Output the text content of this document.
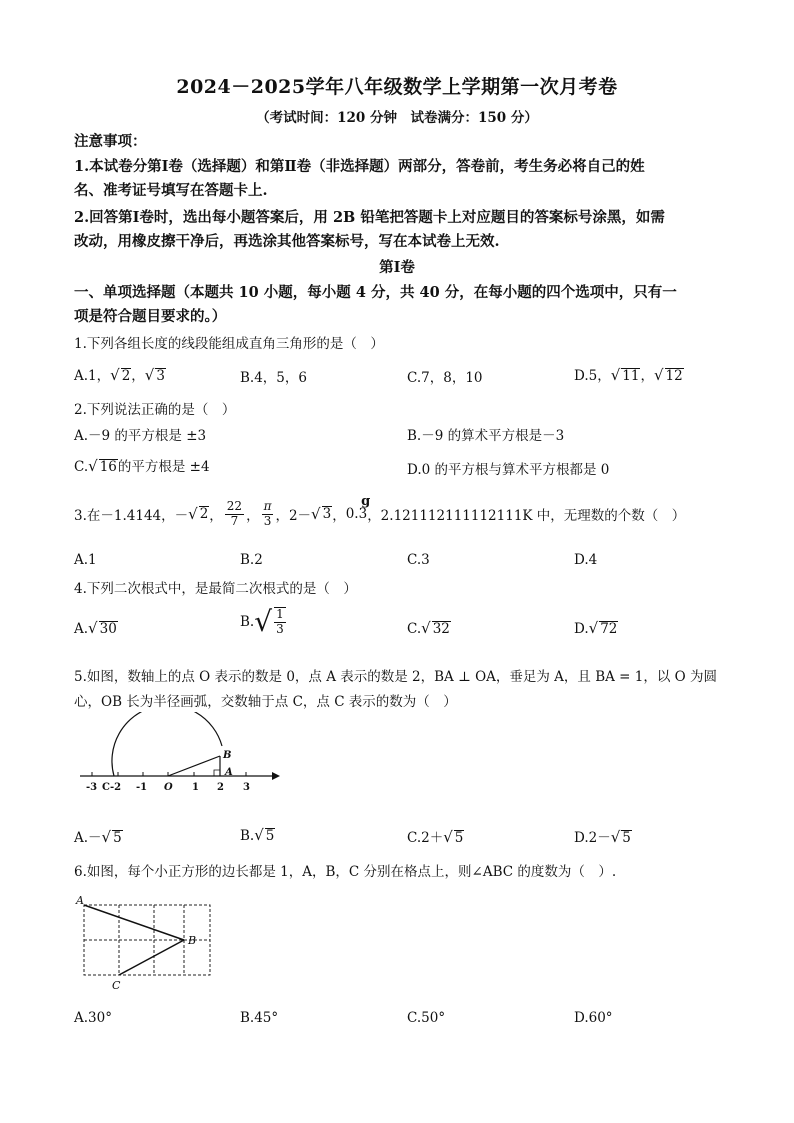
2024－2025学年八年级数学上学期第一次月考卷
（考试时间：120 分钟　试卷满分：150 分）
注意事项：
1.本试卷分第Ⅰ卷（选择题）和第Ⅱ卷（非选择题）两部分，答卷前，考生务必将自己的姓
名、准考证号填写在答题卡上.
2.回答第Ⅰ卷时，选出每小题答案后，用 2B 铅笔把答题卡上对应题目的答案标号涂黑，如需
改动，用橡皮擦干净后，再选涂其他答案标号，写在本试卷上无效.
第Ⅰ卷
一、单项选择题（本题共 10 小题，每小题 4 分，共 40 分，在每小题的四个选项中，只有一
项是符合题目要求的。）
1.下列各组长度的线段能组成直角三角形的是（　）
A.1，√ 2，√ 3	B.4，5，6	C.7，8，10	D.5，√ 11，√ 12
2.下列说法正确的是（　）
A.－9 的平方根是 ±3	B.－9 的算术平方根是－3
C.√ 16的平方根是 ±4	D.0 的平方根与算术平方根都是 0
3.在－1.4144，－ √ 2 ， $\frac{22}{7}$ ， $\frac{\pi}{3}$ ， 2－ √ 3 ， 0.3
g
，2.121112111112111K 中，无理数的个数（　）
A.1	B.2	C.3	D.4
4.下列二次根式中，是最简二次根式的是（　）
A.√ 30	B. √ $\frac{1}{3}$	C.√ 32	D.√ 72
5.如图，数轴上的点 O 表示的数是 0，点 A 表示的数是 2，BA ⊥ OA，垂足为 A，且 BA = 1，以 O 为圆
心，OB 长为半径画弧，交数轴于点 C，点 C 表示的数为（　）
-3 C-2 -1 O 1 2 3
B
A
A.－√ 5	B.√ 5	C.2＋√ 5	D.2－√ 5
6.如图，每个小正方形的边长都是 1，A，B，C 分别在格点上，则∠ABC 的度数为（　）.
A
B
C
A.30°	B.45°	C.50°	D.60°
